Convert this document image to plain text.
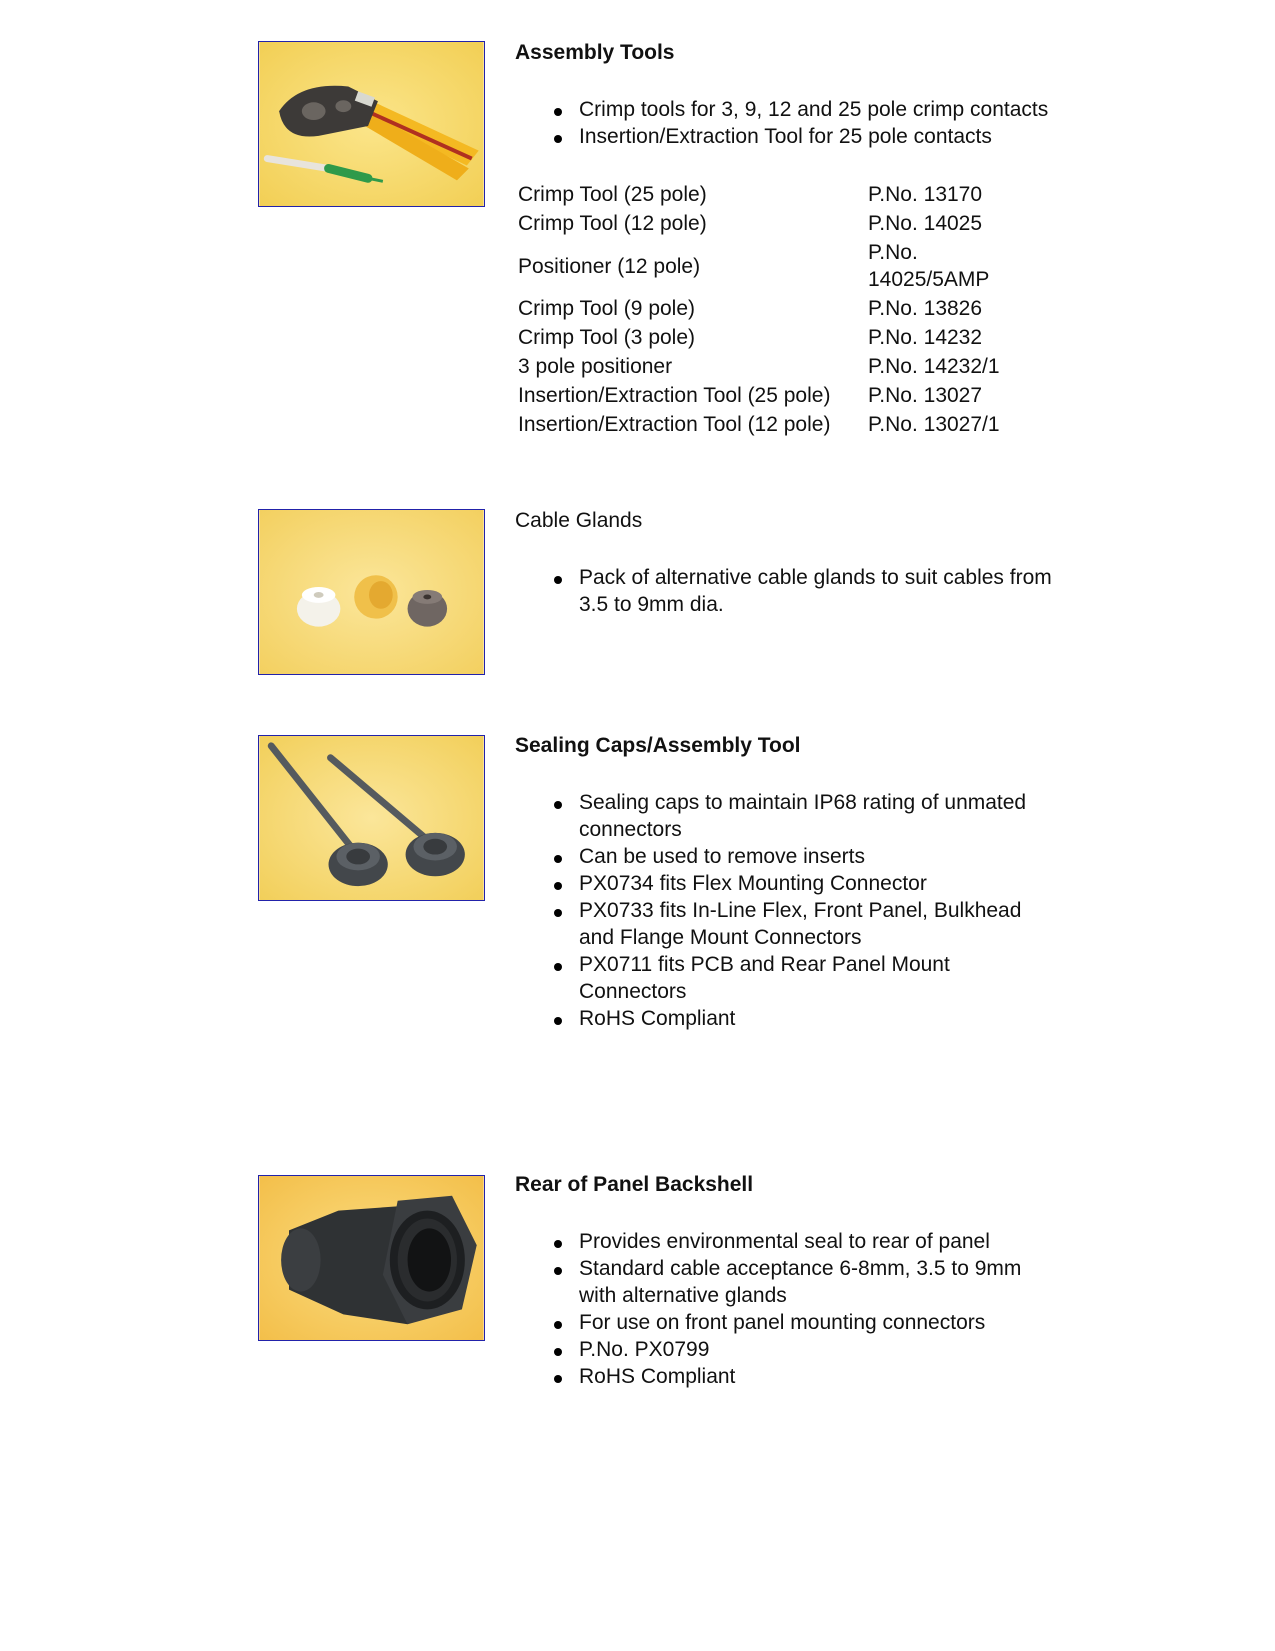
Assembly Tools
Crimp tools for 3, 9, 12 and 25 pole crimp contacts
Insertion/Extraction Tool for 25 pole contacts
Crimp Tool (25 pole)	P.No. 13170
Crimp Tool (12 pole)	P.No. 14025
Positioner (12 pole)	P.No. 14025/5AMP
Crimp Tool (9 pole)	P.No. 13826
Crimp Tool (3 pole)	P.No. 14232
3 pole positioner	P.No. 14232/1
Insertion/Extraction Tool (25 pole)	P.No. 13027
Insertion/Extraction Tool (12 pole)	P.No. 13027/1
Cable Glands
Pack of alternative cable glands to suit cables from 3.5 to 9mm dia.
Sealing Caps/Assembly Tool
Sealing caps to maintain IP68 rating of unmated connectors
Can be used to remove inserts
PX0734 fits Flex Mounting Connector
PX0733 fits In-Line Flex, Front Panel, Bulkhead and Flange Mount Connectors
PX0711 fits PCB and Rear Panel Mount Connectors
RoHS Compliant
Rear of Panel Backshell
Provides environmental seal to rear of panel
Standard cable acceptance 6-8mm, 3.5 to 9mm with alternative glands
For use on front panel mounting connectors
P.No. PX0799
RoHS Compliant
